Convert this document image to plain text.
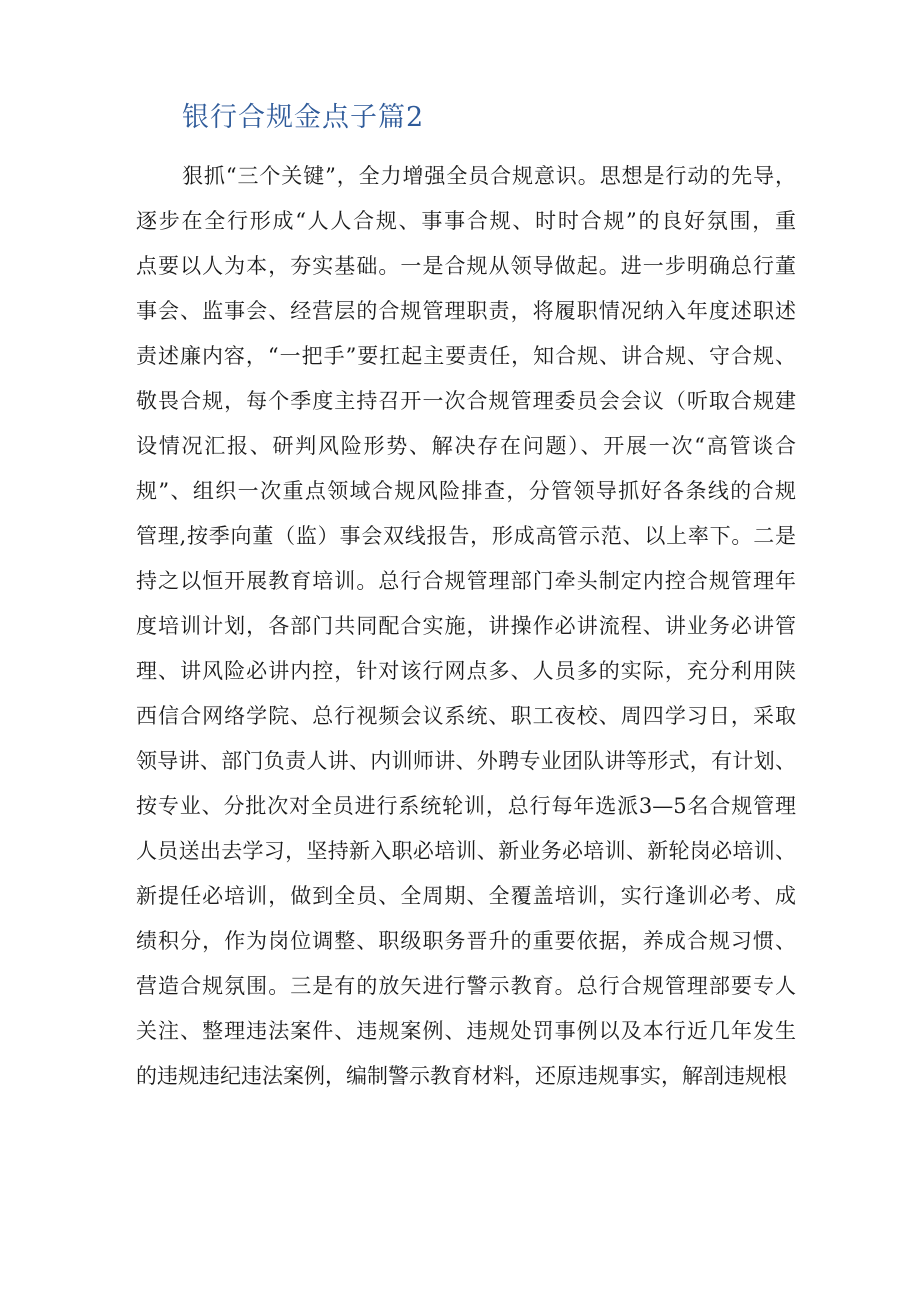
银行合规金点子篇2

狠抓“三个关键”，全力增强全员合规意识。思想是行动的先导，

逐步在全行形成“人人合规、事事合规、时时合规”的良好氛围，重

点要以人为本，夯实基础。一是合规从领导做起。进一步明确总行董

事会、监事会、经营层的合规管理职责，将履职情况纳入年度述职述

责述廉内容，“一把手”要扛起主要责任，知合规、讲合规、守合规、

敬畏合规，每个季度主持召开一次合规管理委员会会议（听取合规建

设情况汇报、研判风险形势、解决存在问题）、开展一次“高管谈合

规”、组织一次重点领域合规风险排查，分管领导抓好各条线的合规

管理,按季向董（监）事会双线报告，形成高管示范、以上率下。二是

持之以恒开展教育培训。总行合规管理部门牵头制定内控合规管理年

度培训计划，各部门共同配合实施，讲操作必讲流程、讲业务必讲管

理、讲风险必讲内控，针对该行网点多、人员多的实际，充分利用陕

西信合网络学院、总行视频会议系统、职工夜校、周四学习日，采取

领导讲、部门负责人讲、内训师讲、外聘专业团队讲等形式，有计划、

按专业、分批次对全员进行系统轮训，总行每年选派3—5名合规管理

人员送出去学习，坚持新入职必培训、新业务必培训、新轮岗必培训、

新提任必培训，做到全员、全周期、全覆盖培训，实行逢训必考、成

绩积分，作为岗位调整、职级职务晋升的重要依据，养成合规习惯、

营造合规氛围。三是有的放矢进行警示教育。总行合规管理部要专人

关注、整理违法案件、违规案例、违规处罚事例以及本行近几年发生

的违规违纪违法案例，编制警示教育材料，还原违规事实，解剖违规根
